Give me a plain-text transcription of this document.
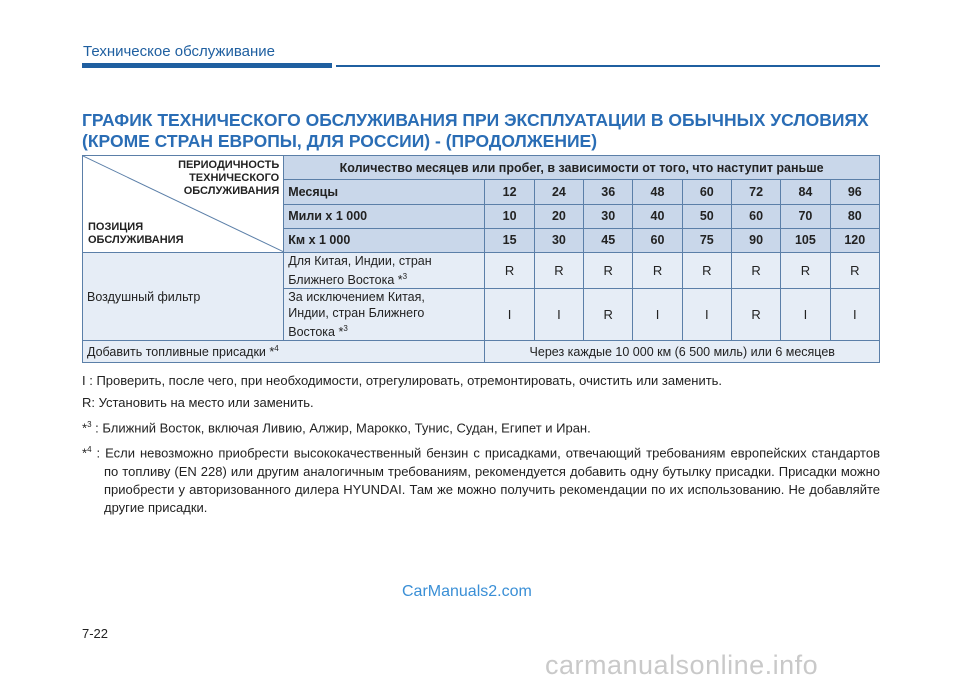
Техническое обслуживание
ГРАФИК ТЕХНИЧЕСКОГО ОБСЛУЖИВАНИЯ ПРИ ЭКСПЛУАТАЦИИ В ОБЫЧНЫХ УСЛОВИЯХ
(КРОМЕ СТРАН ЕВРОПЫ, ДЛЯ РОССИИ) - (ПРОДОЛЖЕНИЕ)
ПЕРИОДИЧНОСТЬ
ТЕХНИЧЕСКОГО
ОБСЛУЖИВАНИЯ
ПОЗИЦИЯ
ОБСЛУЖИВАНИЯ	Количество месяцев или пробег, в зависимости от того, что наступит раньше								
	Месяцы	12	24	36	48	60	72	84	96
	Мили x 1 000	10	20	30	40	50	60	70	80
	Км x 1 000	15	30	45	60	75	90	105	120
Воздушный фильтр	Для Китая, Индии, стран
Ближнего Востока *$^3$	R	R	R	R	R	R	R	R

	За исключением Китая,
Индии, стран Ближнего
Востока *$^3$	I	I	R	I	I	R	I	I
Добавить топливные присадки *$^4$		Через каждые 10 000 км (6 500 миль) или 6 месяцев							

I : Проверить, после чего, при необходимости, отрегулировать, отремонтировать, очистить или заменить.

R: Установить на место или заменить.

*$^3$ : Ближний Восток, включая Ливию, Алжир, Марокко, Тунис, Судан, Египет и Иран.

*$^4$ : Если невозможно приобрести высококачественный бензин с присадками, отвечающий требованиям европейских стандартов по топливу (EN 228) или другим аналогичным требованиям, рекомендуется добавить одну бутылку присадки. Присадки можно приобрести у авторизованного дилера HYUNDAI. Там же можно получить рекомендации по их использованию. Не добавляйте другие присадки.

CarManuals2.com
7-22
carmanualsonline.info
